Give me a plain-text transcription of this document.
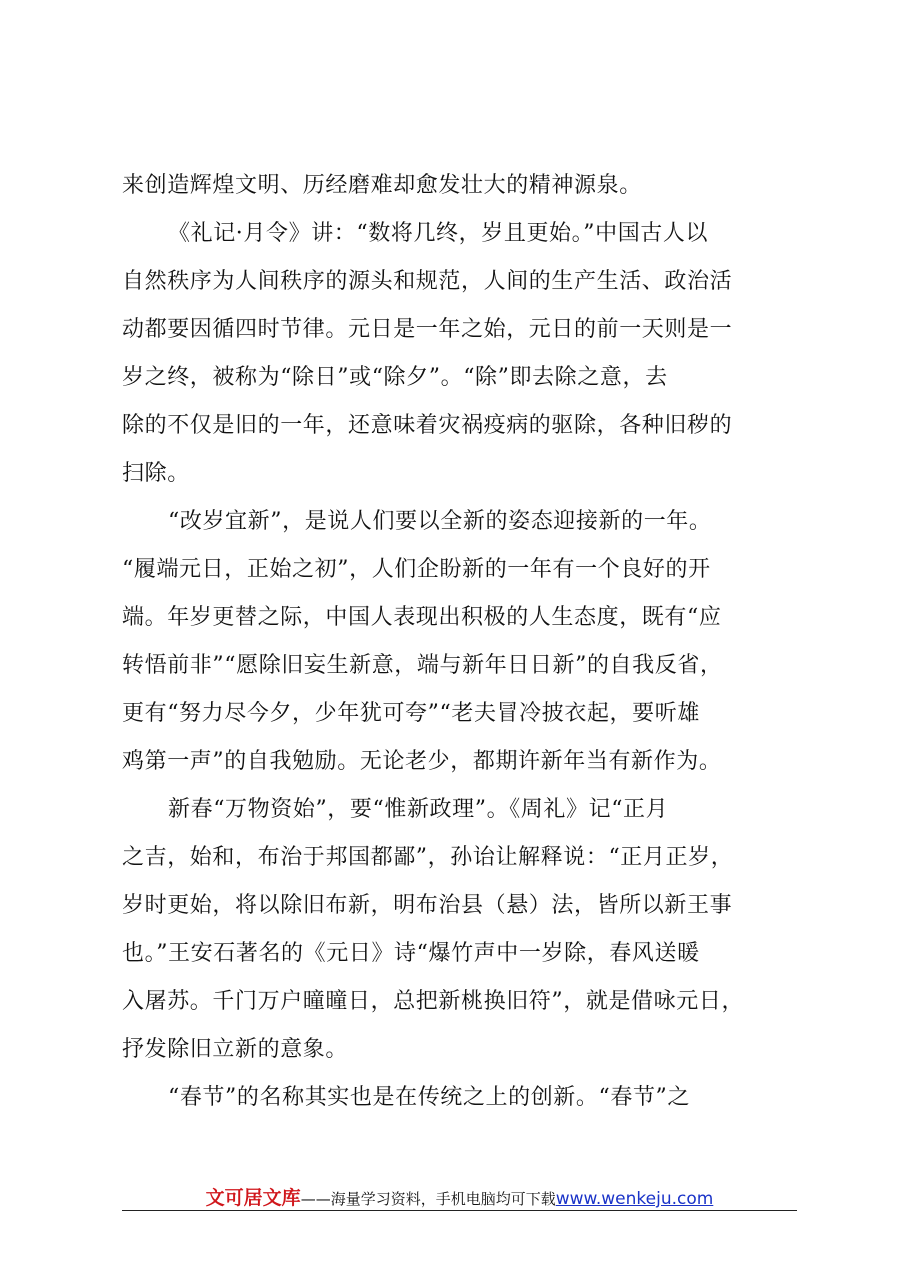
来创造辉煌文明、历经磨难却愈发壮大的精神源泉。
《礼记·月令》讲：“数将几终，岁且更始。”中国古人以
自然秩序为人间秩序的源头和规范，人间的生产生活、政治活
动都要因循四时节律。元日是一年之始，元日的前一天则是一
岁之终，被称为“除日”或“除夕”。“除”即去除之意，去
除的不仅是旧的一年，还意味着灾祸疫病的驱除，各种旧秽的
扫除。
“改岁宜新”，是说人们要以全新的姿态迎接新的一年。
“履端元日，正始之初”，人们企盼新的一年有一个良好的开
端。年岁更替之际，中国人表现出积极的人生态度，既有“应
转悟前非”“愿除旧妄生新意，端与新年日日新”的自我反省，
更有“努力尽今夕，少年犹可夸”“老夫冒冷披衣起，要听雄
鸡第一声”的自我勉励。无论老少，都期许新年当有新作为。
新春“万物资始”，要“惟新政理”。《周礼》记“正月
之吉，始和，布治于邦国都鄙”，孙诒让解释说：“正月正岁，
岁时更始，将以除旧布新，明布治县（悬）法，皆所以新王事
也。”王安石著名的《元日》诗“爆竹声中一岁除，春风送暖
入屠苏。千门万户曈曈日，总把新桃换旧符”，就是借咏元日，
抒发除旧立新的意象。
“春节”的名称其实也是在传统之上的创新。“春节”之
文可居文库——海量学习资料，手机电脑均可下载www.wenkeju.com
